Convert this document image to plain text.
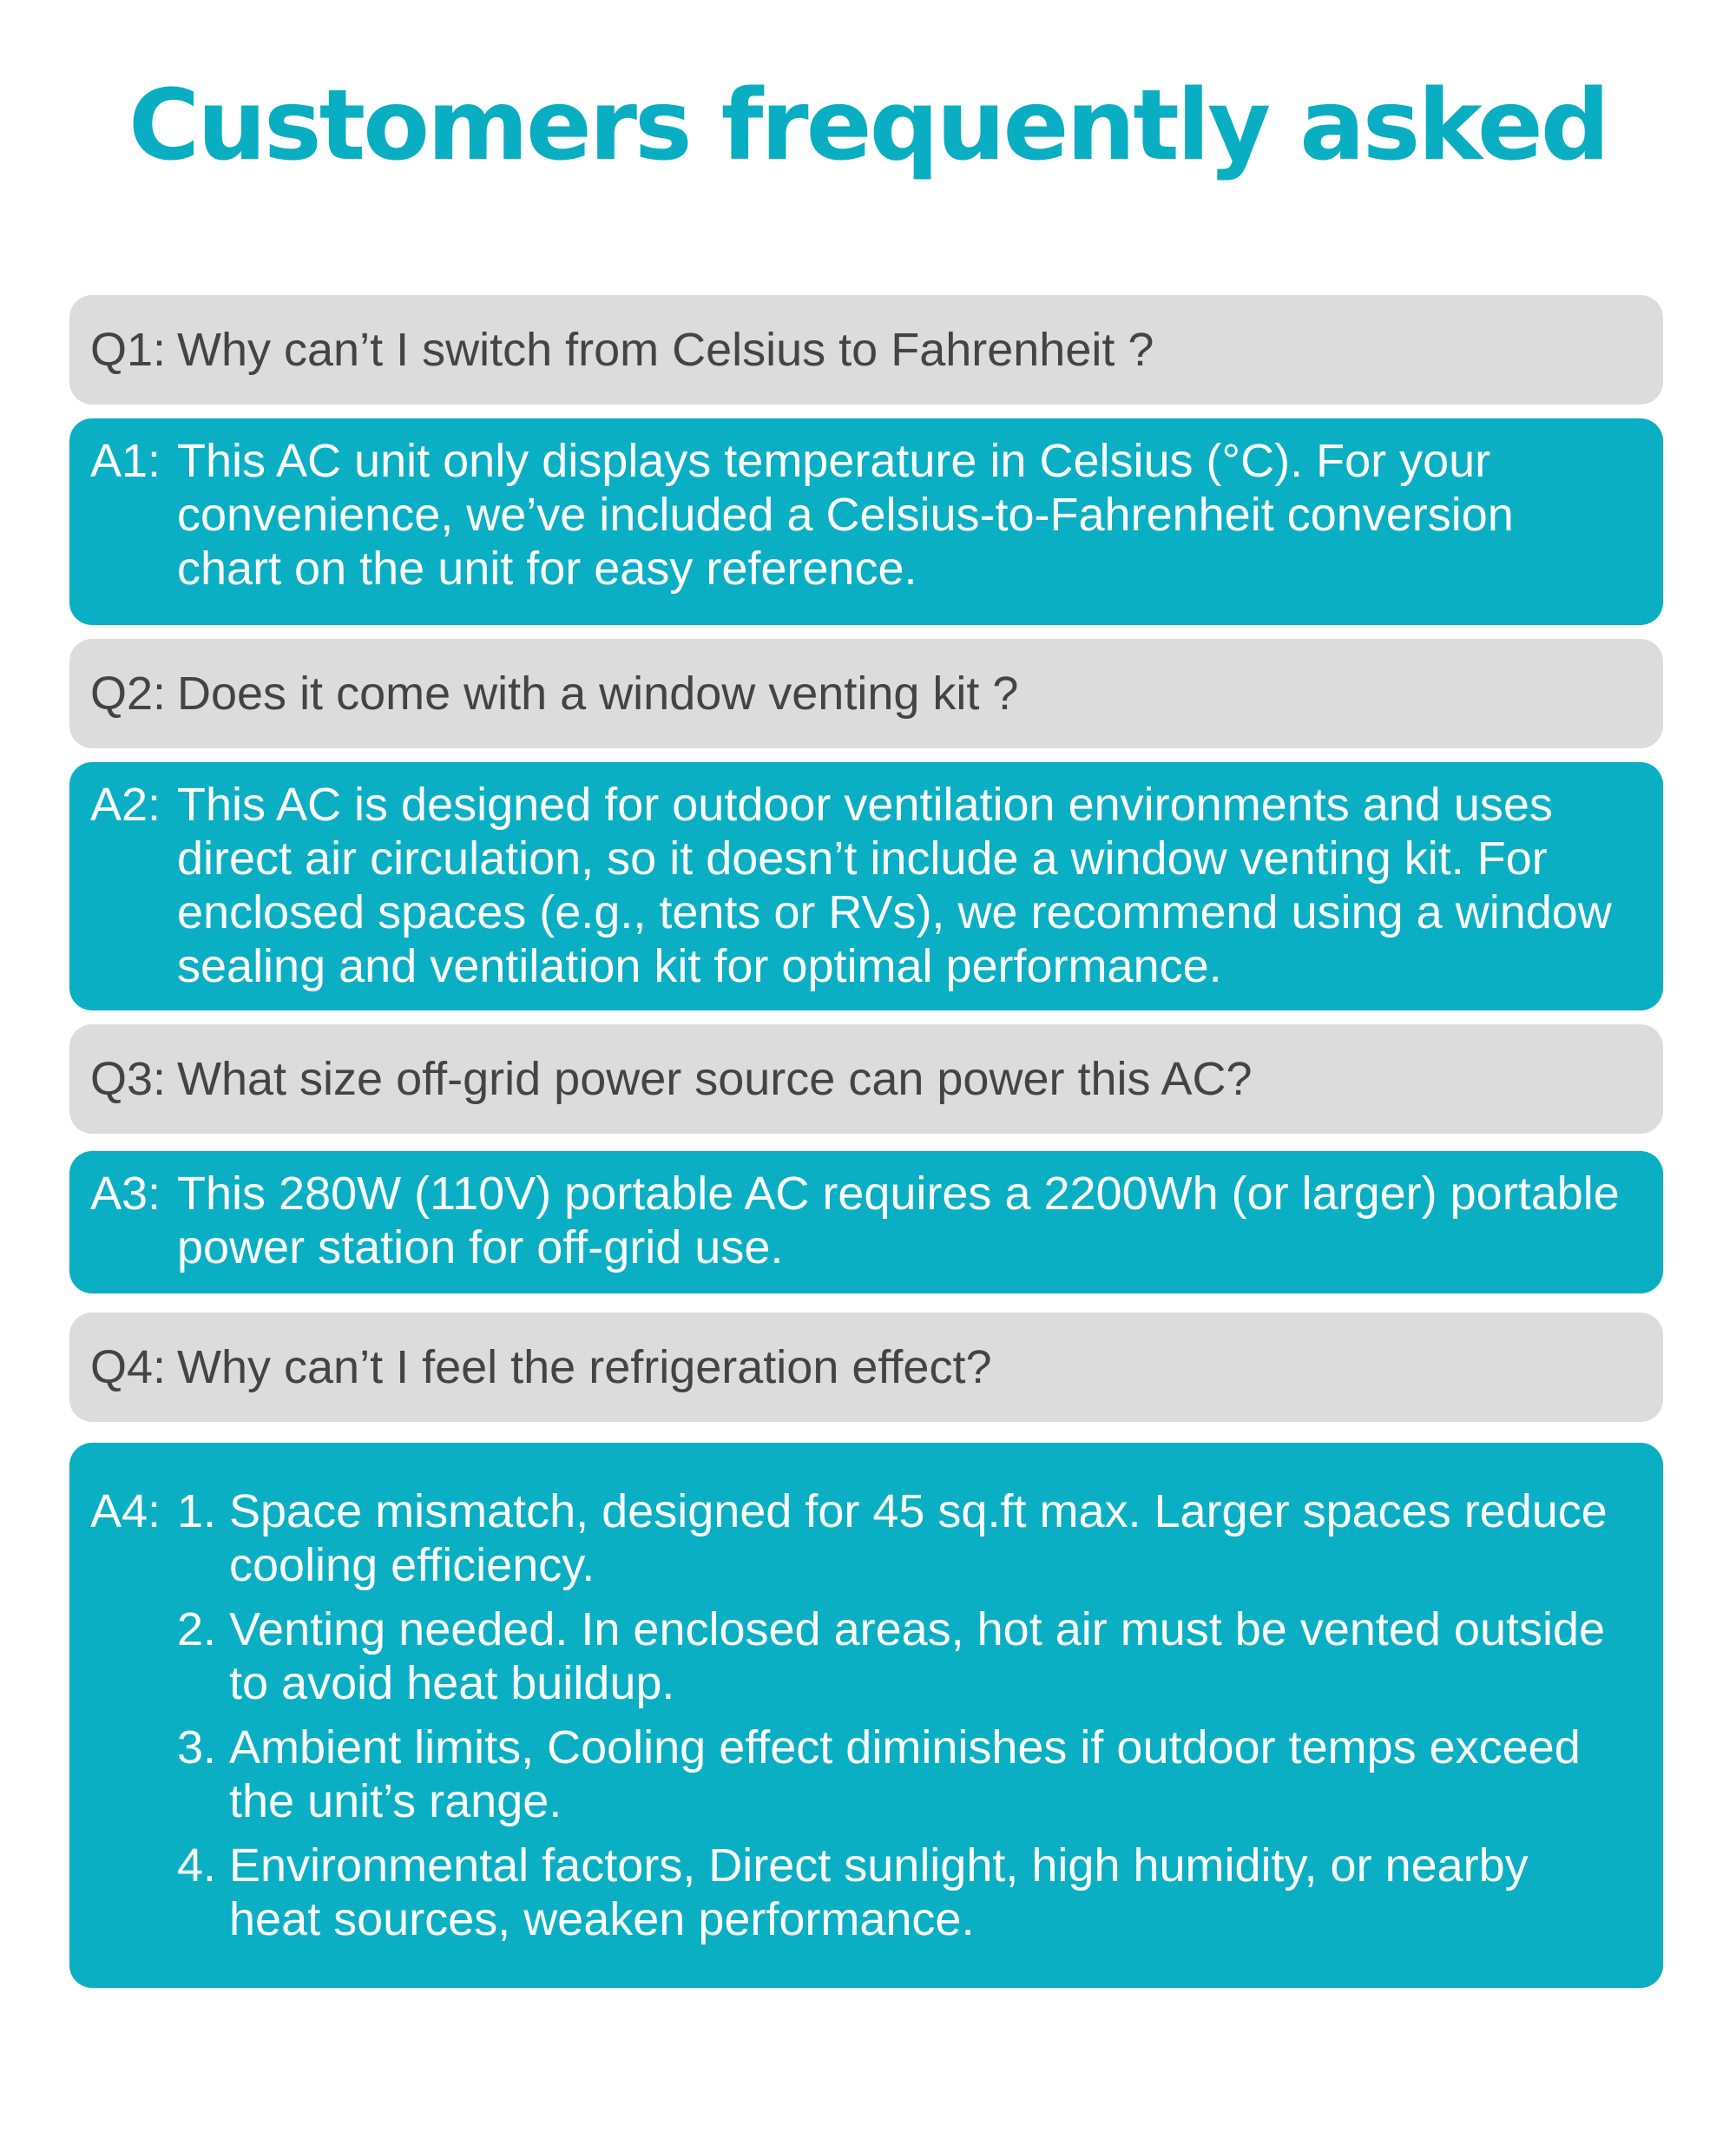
Customers frequently asked
Q1: Why can’t I switch from Celsius to Fahrenheit ?
A1: This AC unit only displays temperature in Celsius (°C). For your
convenience, we’ve included a Celsius-to-Fahrenheit conversion
chart on the unit for easy reference.
Q2: Does it come with a window venting kit ?
A2: This AC is designed for outdoor ventilation environments and uses
direct air circulation, so it doesn’t include a window venting kit. For
enclosed spaces (e.g., tents or RVs), we recommend using a window
sealing and ventilation kit for optimal performance.
Q3: What size off-grid power source can power this AC?
A3: This 280W (110V) portable AC requires a 2200Wh (or larger) portable
power station for off-grid use.
Q4: Why can’t I feel the refrigeration effect?
A4: 1. Space mismatch, designed for 45 sq.ft max. Larger spaces reduce
cooling efficiency.
2. Venting needed. In enclosed areas, hot air must be vented outside
to avoid heat buildup.
3. Ambient limits, Cooling effect diminishes if outdoor temps exceed
the unit’s range.
4. Environmental factors, Direct sunlight, high humidity, or nearby
heat sources, weaken performance.
